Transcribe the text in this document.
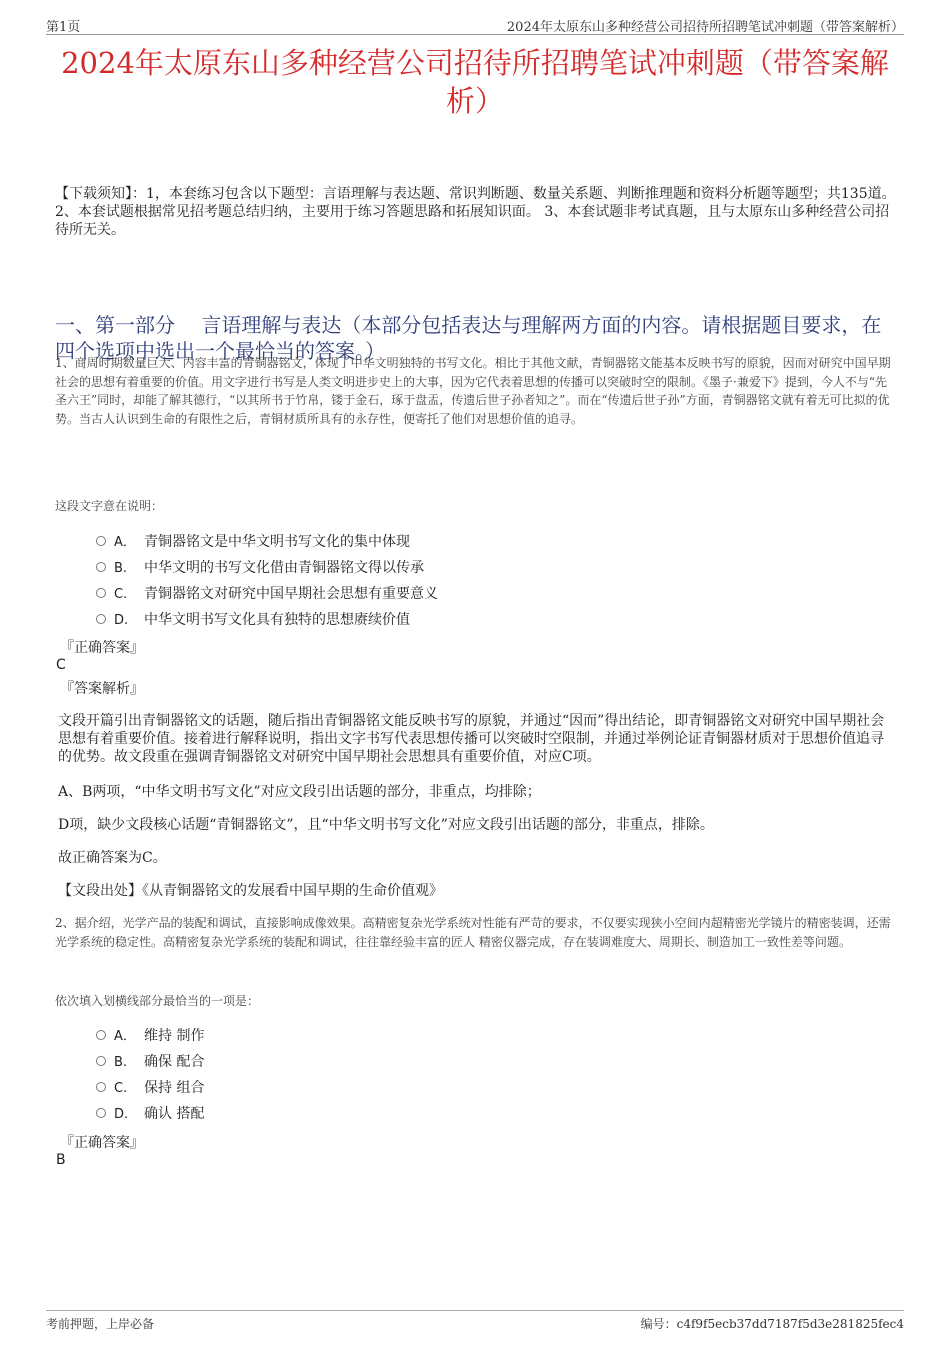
第1页	2024年太原东山多种经营公司招待所招聘笔试冲刺题（带答案解析）
2024年太原东山多种经营公司招待所招聘笔试冲刺题（带答案解析）
【下载须知】：1，本套练习包含以下题型：言语理解与表达题、常识判断题、数量关系题、判断推理题和资料分析题等题型；共135道。 2、本套试题根据常见招考题总结归纳，主要用于练习答题思路和拓展知识面。 3、本套试题非考试真题，且与太原东山多种经营公司招待所无关。
一、第一部分　 言语理解与表达（本部分包括表达与理解两方面的内容。请根据题目要求，在四个选项中选出一个最恰当的答案。）
1、商周时期数量巨大、内容丰富的青铜器铭文，体现了中华文明独特的书写文化。相比于其他文献，青铜器铭文能基本反映书写的原貌，因而对研究中国早期社会的思想有着重要的价值。用文字进行书写是人类文明进步史上的大事，因为它代表着思想的传播可以突破时空的限制。《墨子·兼爱下》提到，今人不与“先圣六王”同时，却能了解其德行，“以其所书于竹帛，镂于金石，琢于盘盂，传遗后世子孙者知之”。而在“传遗后世子孙”方面，青铜器铭文就有着无可比拟的优势。当古人认识到生命的有限性之后，青铜材质所具有的永存性，便寄托了他们对思想价值的追寻。
这段文字意在说明：
A． 青铜器铭文是中华文明书写文化的集中体现
B. 中华文明的书写文化借由青铜器铭文得以传承
C. 青铜器铭文对研究中国早期社会思想有重要意义
D. 中华文明书写文化具有独特的思想赓续价值
『正确答案』
C
『答案解析』
文段开篇引出青铜器铭文的话题，随后指出青铜器铭文能反映书写的原貌，并通过“因而”得出结论，即青铜器铭文对研究中国早期社会思想有着重要价值。接着进行解释说明，指出文字书写代表思想传播可以突破时空限制，并通过举例论证青铜器材质对于思想价值追寻的优势。故文段重在强调青铜器铭文对研究中国早期社会思想具有重要价值，对应C项。
A、B两项，“中华文明书写文化”对应文段引出话题的部分，非重点，均排除；
D项，缺少文段核心话题“青铜器铭文”，且“中华文明书写文化”对应文段引出话题的部分，非重点，排除。
故正确答案为C。
【文段出处】《从青铜器铭文的发展看中国早期的生命价值观》
2、据介绍，光学产品的装配和调试，直接影响成像效果。高精密复杂光学系统对性能有严苛的要求，不仅要实现狭小空间内超精密光学镜片的精密装调，还需 光学系统的稳定性。高精密复杂光学系统的装配和调试，往往靠经验丰富的匠人 精密仪器完成，存在装调难度大、周期长、制造加工一致性差等问题。
依次填入划横线部分最恰当的一项是：
A． 维持 制作
B. 确保 配合
C. 保持 组合
D. 确认 搭配
『正确答案』
B
考前押题，上岸必备	编号：c4f9f5ecb37dd7187f5d3e281825fec4
